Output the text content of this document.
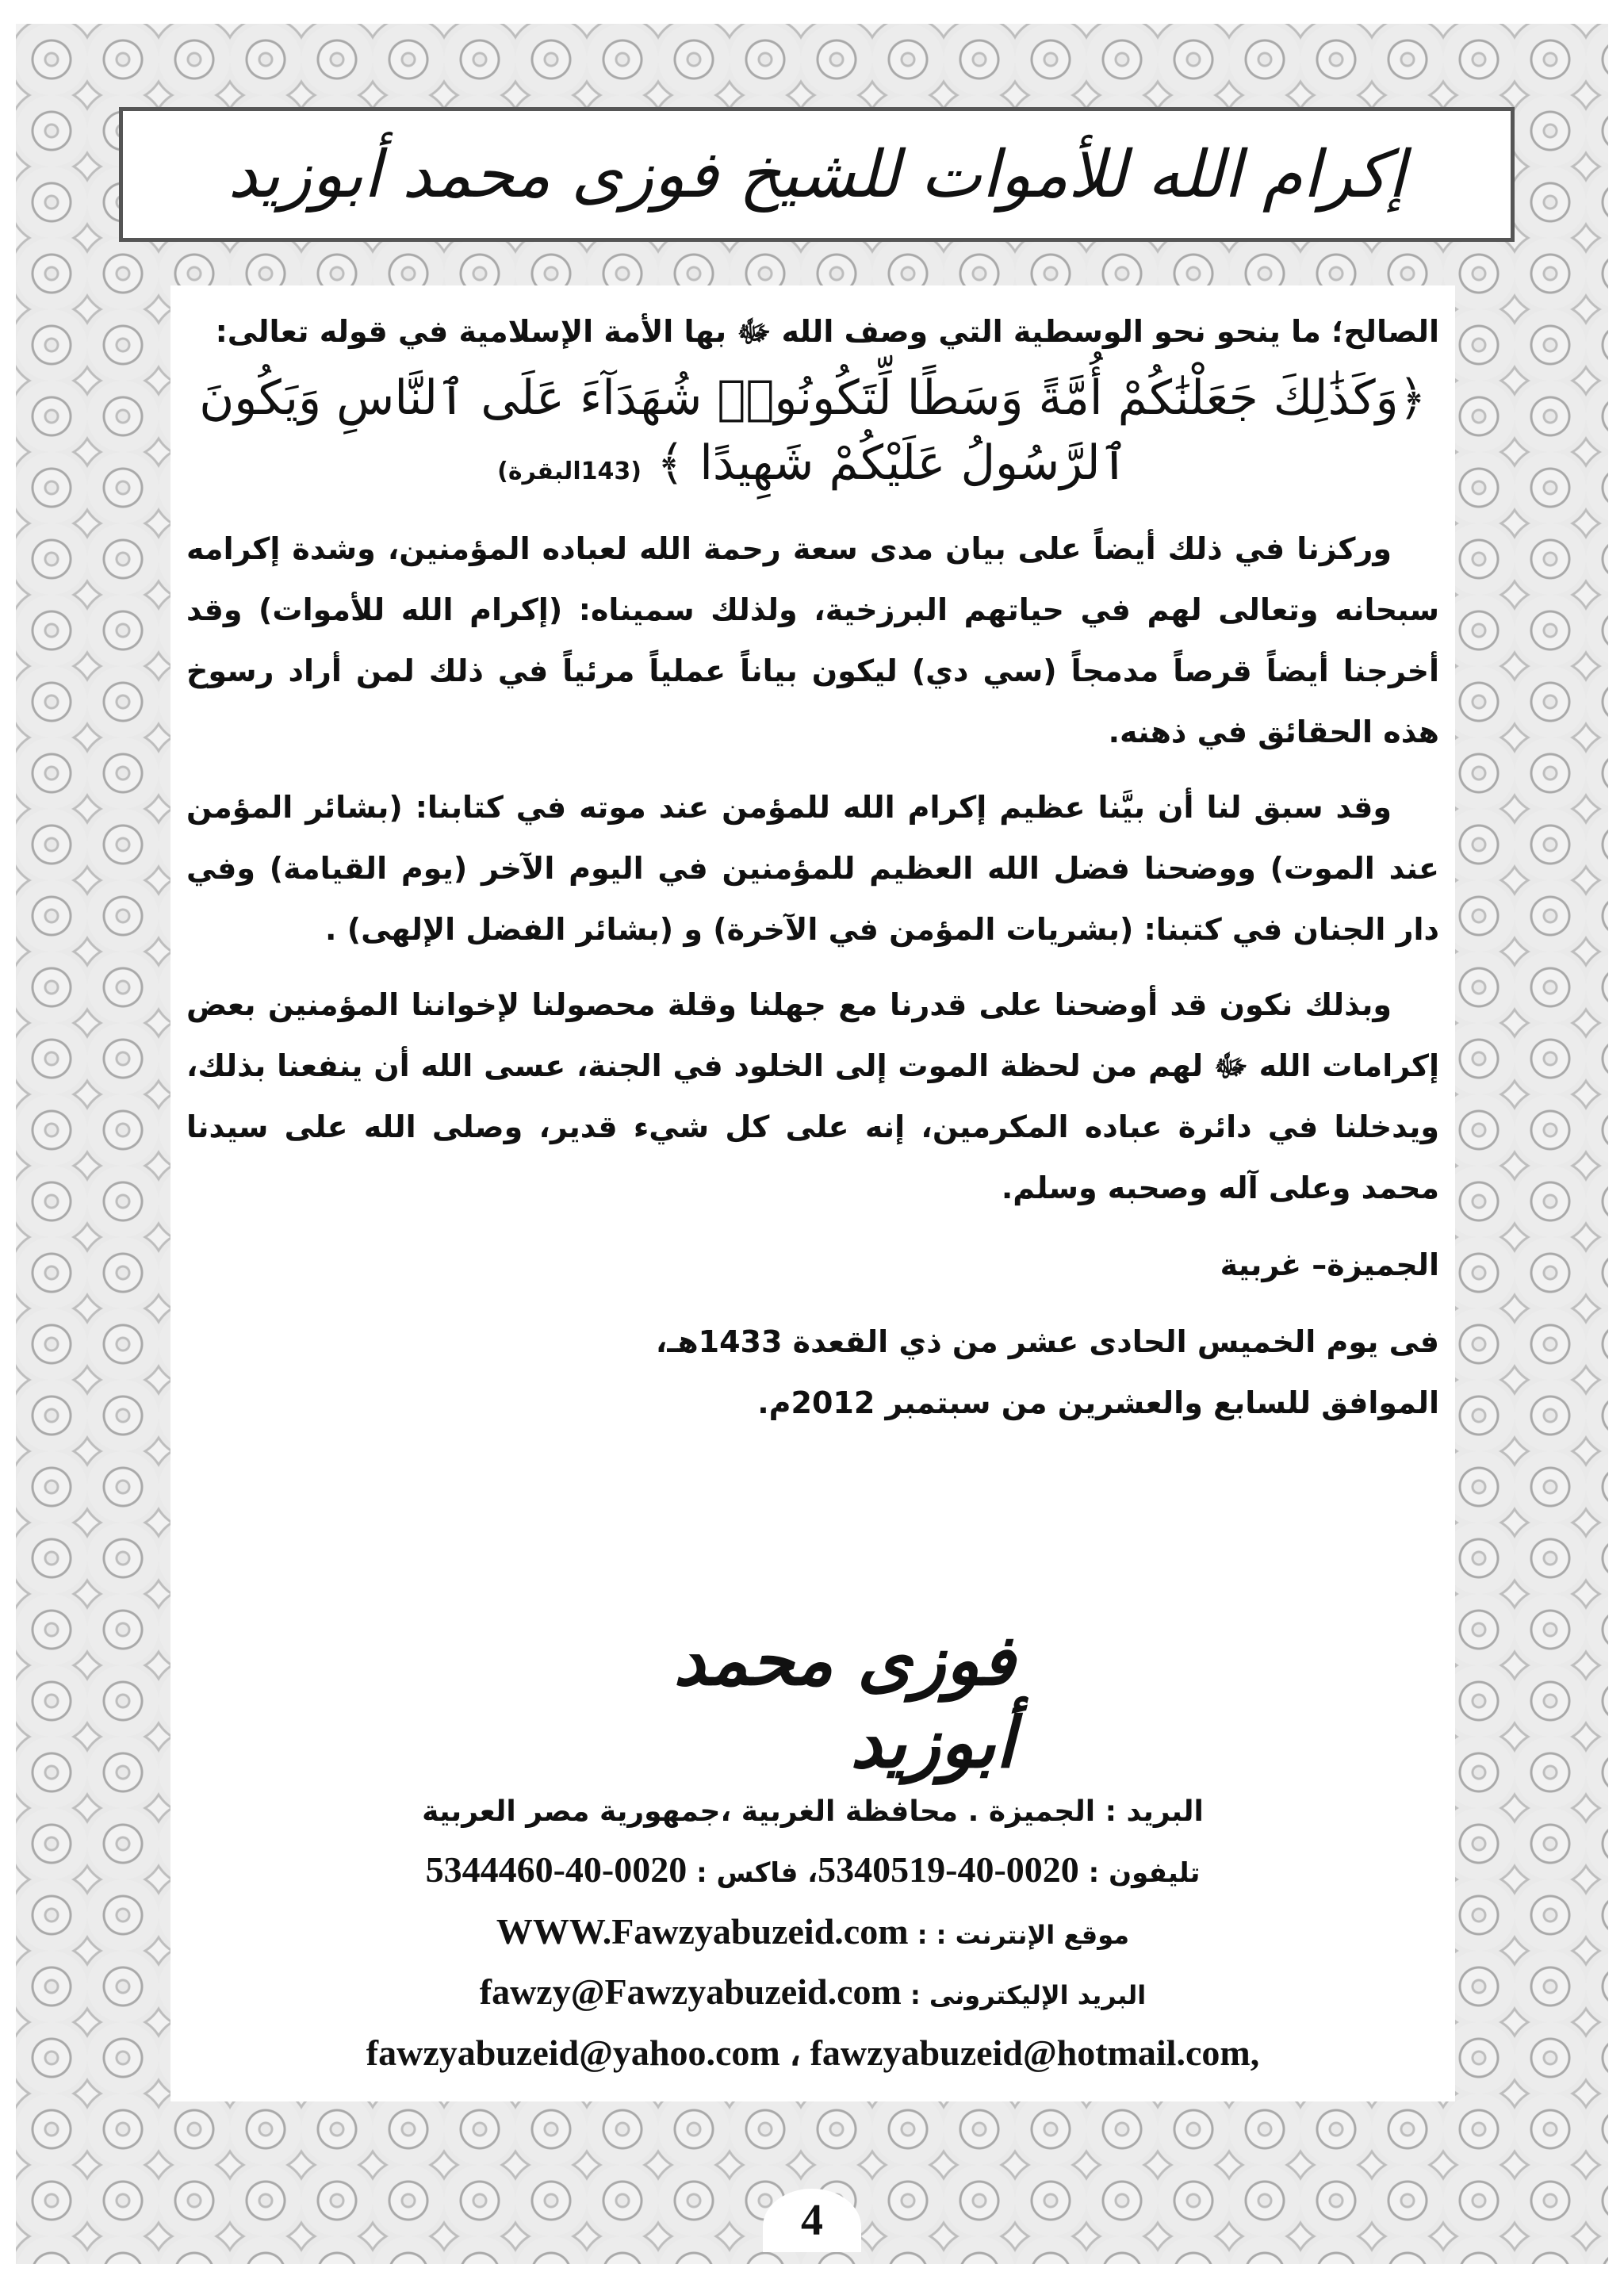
إكرام الله للأموات للشيخ فوزى محمد أبوزيد

الصالح؛ ما ينحو نحو الوسطية التي وصف الله ﷻ بها الأمة الإسلامية في قوله تعالى:

﴿وَكَذَٰلِكَ جَعَلْنَٰكُمْ أُمَّةً وَسَطًا لِّتَكُونُوا۟ شُهَدَآءَ عَلَى ٱلنَّاسِ وَيَكُونَ ٱلرَّسُولُ عَلَيْكُمْ شَهِيدًا ﴾ (143البقرة)

وركزنا في ذلك أيضاً على بيان مدى سعة رحمة الله لعباده المؤمنين، وشدة إكرامه سبحانه وتعالى لهم في حياتهم البرزخية، ولذلك سميناه: (إكرام الله للأموات) وقد أخرجنا أيضاً قرصاً مدمجاً (سي دي) ليكون بياناً عملياً مرئياً في ذلك لمن أراد رسوخ هذه الحقائق في ذهنه.

وقد سبق لنا أن بيَّنا عظيم إكرام الله للمؤمن عند موته في كتابنا: (بشائر المؤمن عند الموت) ووضحنا فضل الله العظيم للمؤمنين في اليوم الآخر (يوم القيامة) وفي دار الجنان في كتبنا: (بشريات المؤمن في الآخرة) و (بشائر الفضل الإلهى) .

وبذلك نكون قد أوضحنا على قدرنا مع جهلنا وقلة محصولنا لإخواننا المؤمنين بعض إكرامات الله ﷻ لهم من لحظة الموت إلى الخلود في الجنة، عسى الله أن ينفعنا بذلك، ويدخلنا في دائرة عباده المكرمين، إنه على كل شيء قدير، وصلى الله على سيدنا محمد وعلى آله وصحبه وسلم.

الجميزة– غربية

فى يوم الخميس الحادى عشر من ذي القعدة 1433هـ،

الموافق للسابع والعشرين من سبتمبر 2012م.

فوزى محمد أبوزيد

البريد : الجميزة . محافظة الغربية ،جمهورية مصر العربية

تليفون : 0020-40-5340519، فاكس : 0020-40-5344460

موقع الإنترنت : : WWW.Fawzyabuzeid.com

البريد الإليكترونى : fawzy@Fawzyabuzeid.com

fawzyabuzeid@yahoo.com ، fawzyabuzeid@hotmail.com,

4
